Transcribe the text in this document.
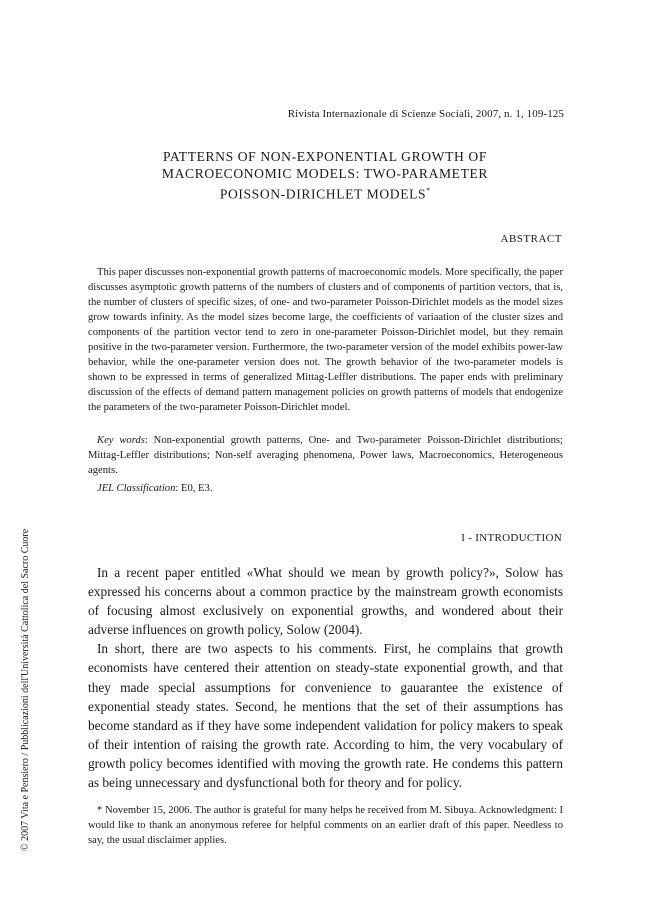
Rivista Internazionale di Scienze Sociali, 2007, n. 1, 109-125
PATTERNS OF NON-EXPONENTIAL GROWTH OF
MACROECONOMIC MODELS: TWO-PARAMETER
POISSON-DIRICHLET MODELS*
ABSTRACT

This paper discusses non-exponential growth patterns of macroeconomic models. More specifically, the paper discusses asymptotic growth patterns of the numbers of clusters and of components of partition vectors, that is, the number of clusters of specific sizes, of one- and two-parameter Poisson-Dirichlet models as the model sizes grow towards infinity. As the model sizes become large, the coefficients of variaation of the cluster sizes and components of the partition vector tend to zero in one-parameter Poisson-Dirichlet model, but they remain positive in the two-parameter version. Furthermore, the two-parameter version of the model exhibits power-law behavior, while the one-parameter version does not. The growth behavior of the two-parameter models is shown to be expressed in terms of generalized Mittag-Leffler distributions. The paper ends with preliminary discussion of the effects of demand pattern management policies on growth patterns of models that endogenize the parameters of the two-parameter Poisson-Dirichlet model.

Key words: Non-exponential growth patterns, One- and Two-parameter Poisson-Dirichlet distributions; Mittag-Leffler distributions; Non-self averaging phenomena, Power laws, Macroeconomics, Heterogeneous agents.

JEL Classification: E0, E3.
I - INTRODUCTION

In a recent paper entitled «What should we mean by growth policy?», Solow has expressed his concerns about a common practice by the mainstream growth economists of focusing almost exclusively on exponential growths, and wondered about their adverse influences on growth policy, Solow (2004).

In short, there are two aspects to his comments. First, he complains that growth economists have centered their attention on steady-state exponential growth, and that they made special assumptions for convenience to gauarantee the existence of exponential steady states. Second, he mentions that the set of their assumptions has become standard as if they have some independent validation for policy makers to speak of their intention of raising the growth rate. According to him, the very vocabulary of growth policy becomes identified with moving the growth rate. He condems this pattern as being unnecessary and dysfunctional both for theory and for policy.

* November 15, 2006. The author is grateful for many helps he received from M. Sibuya. Acknowledgment: I would like to thank an anonymous referee for helpful comments on an earlier draft of this paper. Needless to say, the usual disclaimer applies.

© 2007 Vita e Pensiero / Pubblicazioni dell'Università Cattolica del Sacro Cuore
